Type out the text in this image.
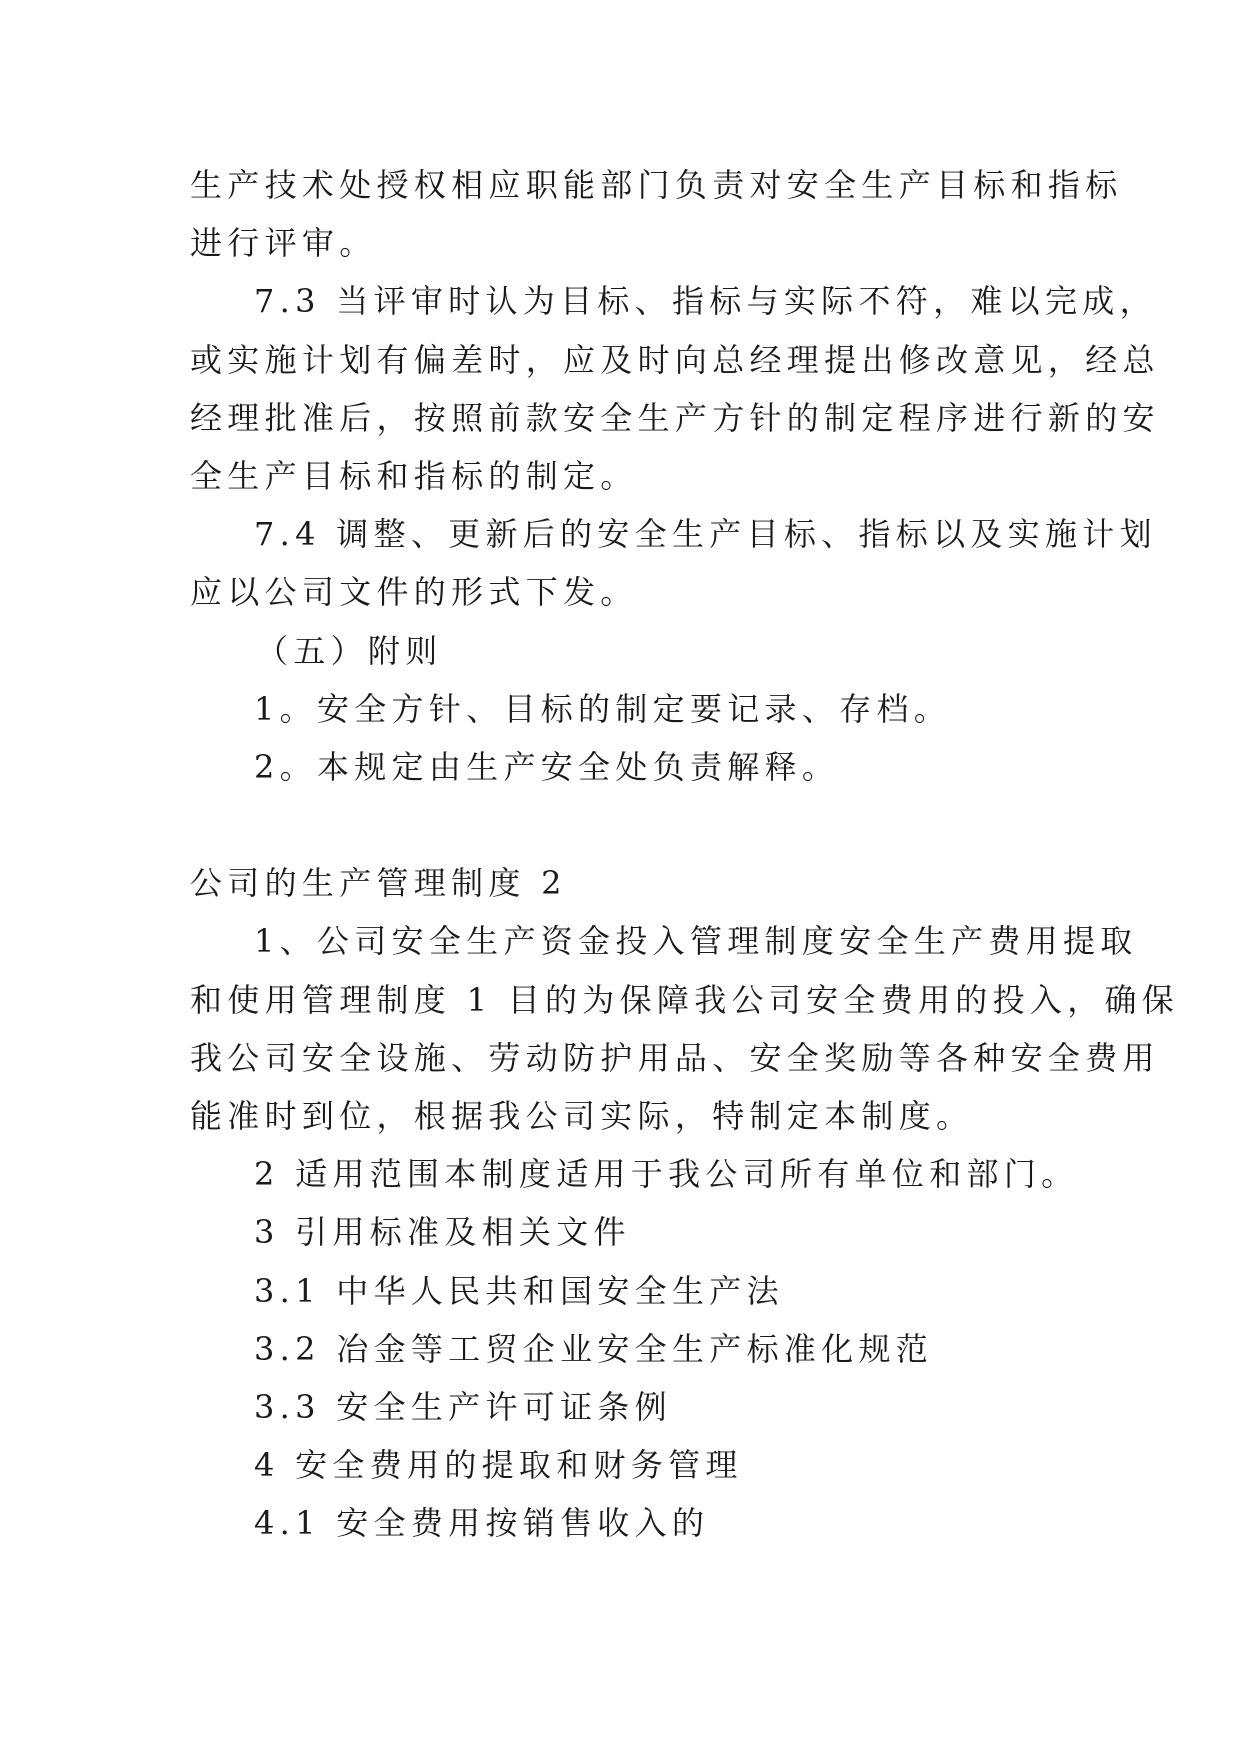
生产技术处授权相应职能部门负责对安全生产目标和指标
进行评审。
7.3 当评审时认为目标、指标与实际不符，难以完成，
或实施计划有偏差时，应及时向总经理提出修改意见，经总
经理批准后，按照前款安全生产方针的制定程序进行新的安
全生产目标和指标的制定。
7.4 调整、更新后的安全生产目标、指标以及实施计划
应以公司文件的形式下发。
（五）附则
1。安全方针、目标的制定要记录、存档。
2。本规定由生产安全处负责解释。
公司的生产管理制度 2
1、公司安全生产资金投入管理制度安全生产费用提取
和使用管理制度 1 目的为保障我公司安全费用的投入，确保
我公司安全设施、劳动防护用品、安全奖励等各种安全费用
能准时到位，根据我公司实际，特制定本制度。
2 适用范围本制度适用于我公司所有单位和部门。
3 引用标准及相关文件
3.1 中华人民共和国安全生产法
3.2 冶金等工贸企业安全生产标准化规范
3.3 安全生产许可证条例
4 安全费用的提取和财务管理
4.1 安全费用按销售收入的
